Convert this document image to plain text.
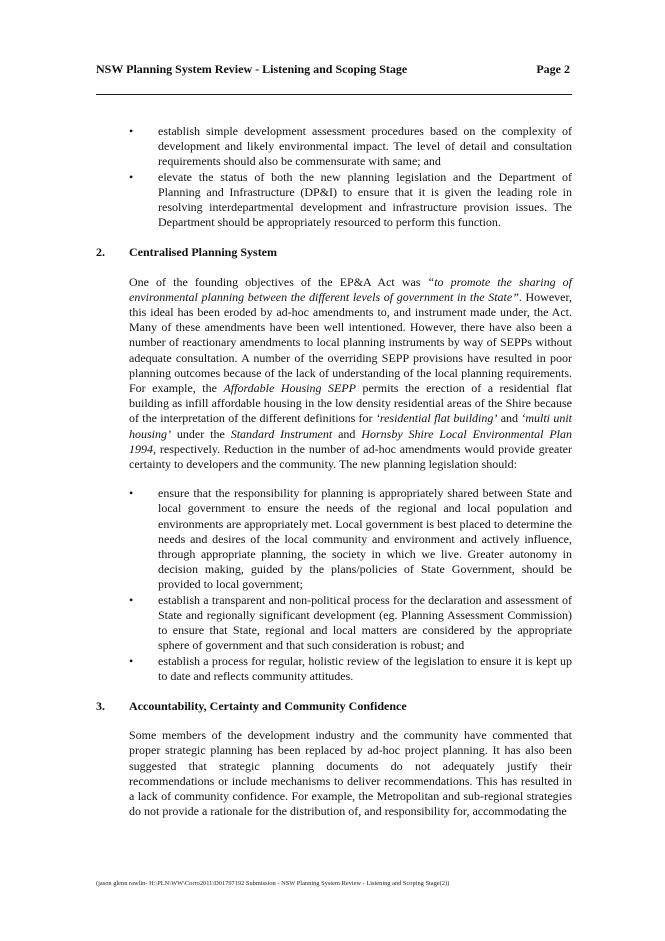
NSW Planning System Review - Listening and Scoping Stage	Page 2
• establish simple development assessment procedures based on the complexity of development and likely environmental impact. The level of detail and consultation requirements should also be commensurate with same; and
• elevate the status of both the new planning legislation and the Department of Planning and Infrastructure (DP&I) to ensure that it is given the leading role in resolving interdepartmental development and infrastructure provision issues. The Department should be appropriately resourced to perform this function.
2.	Centralised Planning System

One of the founding objectives of the EP&A Act was “to promote the sharing of environmental planning between the different levels of government in the State”. However, this ideal has been eroded by ad-hoc amendments to, and instrument made under, the Act. Many of these amendments have been well intentioned. However, there have also been a number of reactionary amendments to local planning instruments by way of SEPPs without adequate consultation. A number of the overriding SEPP provisions have resulted in poor planning outcomes because of the lack of understanding of the local planning requirements. For example, the Affordable Housing SEPP permits the erection of a residential flat building as infill affordable housing in the low density residential areas of the Shire because of the interpretation of the different definitions for ‘residential flat building’ and ‘multi unit housing’ under the Standard Instrument and Hornsby Shire Local Environmental Plan 1994, respectively. Reduction in the number of ad-hoc amendments would provide greater certainty to developers and the community. The new planning legislation should:

• ensure that the responsibility for planning is appropriately shared between State and local government to ensure the needs of the regional and local population and environments are appropriately met. Local government is best placed to determine the needs and desires of the local community and environment and actively influence, through appropriate planning, the society in which we live. Greater autonomy in decision making, guided by the plans/policies of State Government, should be provided to local government;
• establish a transparent and non-political process for the declaration and assessment of State and regionally significant development (eg. Planning Assessment Commission) to ensure that State, regional and local matters are considered by the appropriate sphere of government and that such consideration is robust; and
• establish a process for regular, holistic review of the legislation to ensure it is kept up to date and reflects community attitudes.
3.	Accountability, Certainty and Community Confidence

Some members of the development industry and the community have commented that proper strategic planning has been replaced by ad-hoc project planning. It has also been suggested that strategic planning documents do not adequately justify their recommendations or include mechanisms to deliver recommendations. This has resulted in a lack of community confidence. For example, the Metropolitan and sub-regional strategies do not provide a rationale for the distribution of, and responsibility for, accommodating the

(jason glenn rawlin- H:\PLN\WW\Corro2011\D01797192 Submission - NSW Planning System Review - Listening and Scoping Stage(2))
